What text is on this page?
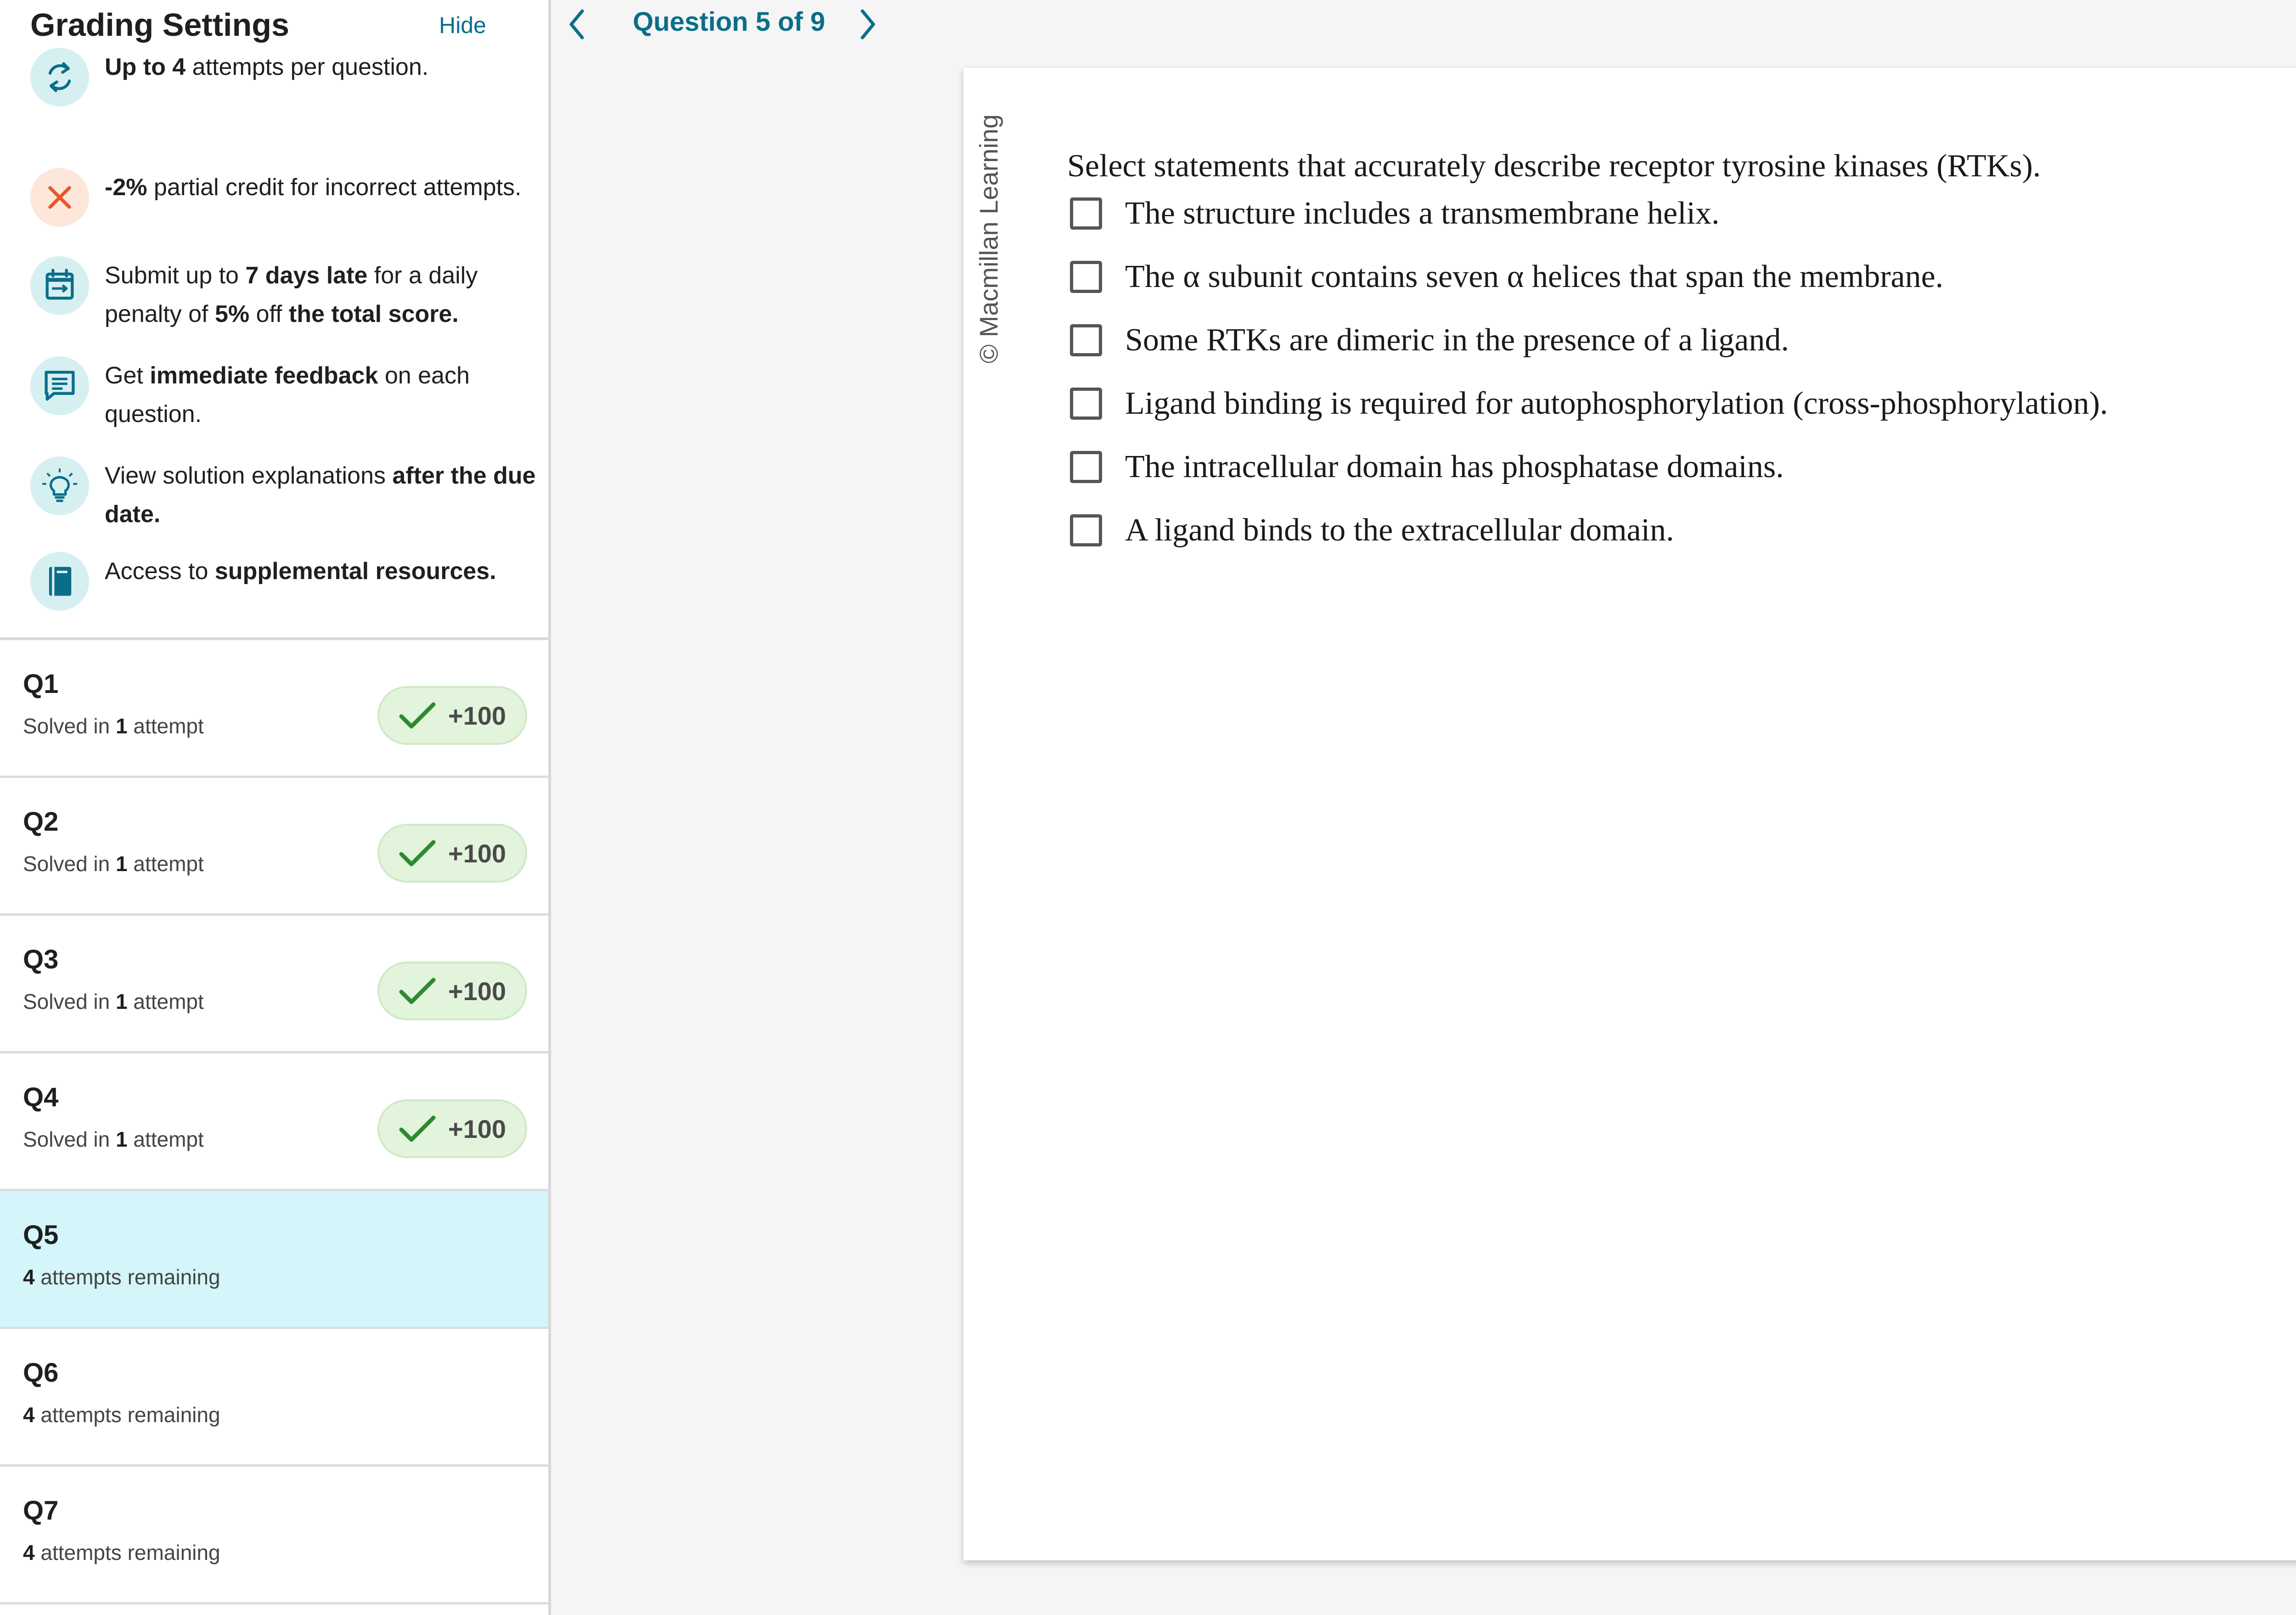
Grading Settings	Hide
Up to 4 attempts per question.
-2% partial credit for incorrect attempts.
Submit up to 7 days late for a daily penalty of 5% off the total score.
Get immediate feedback on each question.
View solution explanations after the due date.
Access to supplemental resources.
Q1
Solved in 1 attempt	+100
Q2
Solved in 1 attempt	+100
Q3
Solved in 1 attempt	+100
Q4
Solved in 1 attempt	+100
Q5
4 attempts remaining
Q6
4 attempts remaining
Q7
4 attempts remaining
Question 5 of 9
© Macmillan Learning Select statements that accurately describe receptor tyrosine kinases (RTKs).
The structure includes a transmembrane helix.
The α subunit contains seven α helices that span the membrane.
Some RTKs are dimeric in the presence of a ligand.
Ligand binding is required for autophosphorylation (cross-phosphorylation).
The intracellular domain has phosphatase domains.
A ligand binds to the extracellular domain.
